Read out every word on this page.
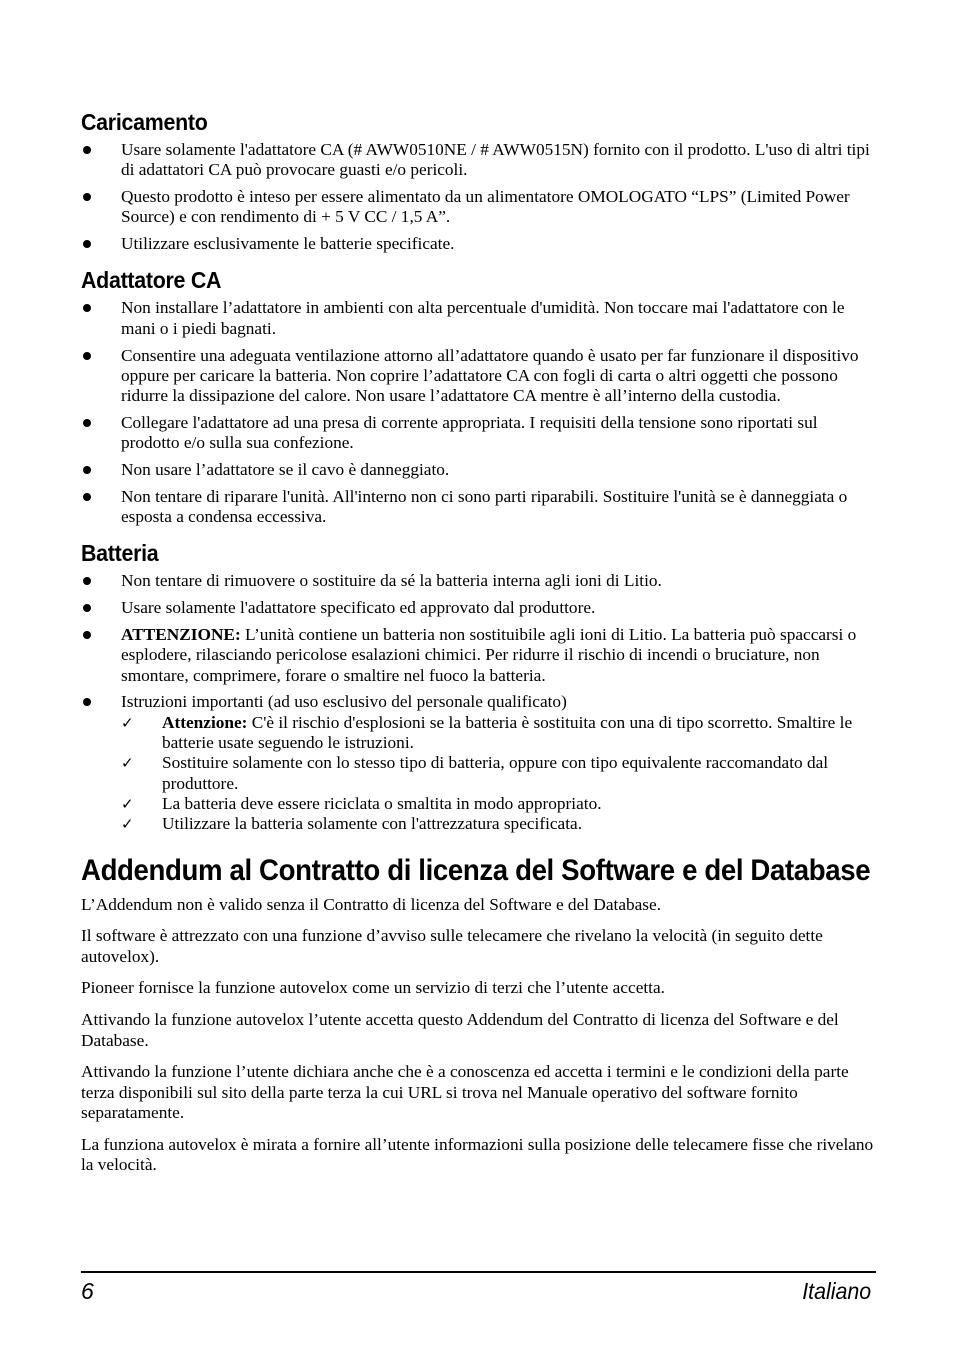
Caricamento
Usare solamente l'adattatore CA (# AWW0510NE / # AWW0515N) fornito con il prodotto. L'uso di altri tipi di adattatori CA può provocare guasti e/o pericoli.
Questo prodotto è inteso per essere alimentato da un alimentatore OMOLOGATO “LPS” (Limited Power Source) e con rendimento di + 5 V CC / 1,5 A”.
Utilizzare esclusivamente le batterie specificate.
Adattatore CA
Non installare l’adattatore in ambienti con alta percentuale d'umidità. Non toccare mai l'adattatore con le mani o i piedi bagnati.
Consentire una adeguata ventilazione attorno all’adattatore quando è usato per far funzionare il dispositivo oppure per caricare la batteria. Non coprire l’adattatore CA con fogli di carta o altri oggetti che possono ridurre la dissipazione del calore. Non usare l’adattatore CA mentre è all’interno della custodia.
Collegare l'adattatore ad una presa di corrente appropriata. I requisiti della tensione sono riportati sul prodotto e/o sulla sua confezione.
Non usare l’adattatore se il cavo è danneggiato.
Non tentare di riparare l'unità. All'interno non ci sono parti riparabili. Sostituire l'unità se è danneggiata o esposta a condensa eccessiva.
Batteria
Non tentare di rimuovere o sostituire da sé la batteria interna agli ioni di Litio.
Usare solamente l'adattatore specificato ed approvato dal produttore.
ATTENZIONE: L’unità contiene un batteria non sostituibile agli ioni di Litio. La batteria può spaccarsi o esplodere, rilasciando pericolose esalazioni chimici. Per ridurre il rischio di incendi o bruciature, non smontare, comprimere, forare o smaltire nel fuoco la batteria.
Istruzioni importanti (ad uso esclusivo del personale qualificato)
✓ Attenzione: C'è il rischio d'esplosioni se la batteria è sostituita con una di tipo scorretto. Smaltire le batterie usate seguendo le istruzioni.
✓ Sostituire solamente con lo stesso tipo di batteria, oppure con tipo equivalente raccomandato dal produttore.
✓ La batteria deve essere riciclata o smaltita in modo appropriato.
✓ Utilizzare la batteria solamente con l'attrezzatura specificata.
Addendum al Contratto di licenza del Software e del Database

L’Addendum non è valido senza il Contratto di licenza del Software e del Database.

Il software è attrezzato con una funzione d’avviso sulle telecamere che rivelano la velocità (in seguito dette autovelox).

Pioneer fornisce la funzione autovelox come un servizio di terzi che l’utente accetta.

Attivando la funzione autovelox l’utente accetta questo Addendum del Contratto di licenza del Software e del Database.

Attivando la funzione l’utente dichiara anche che è a conoscenza ed accetta i termini e le condizioni della parte terza disponibili sul sito della parte terza la cui URL si trova nel Manuale operativo del software fornito separatamente.

La funziona autovelox è mirata a fornire all’utente informazioni sulla posizione delle telecamere fisse che rivelano la velocità.

6	Italiano
